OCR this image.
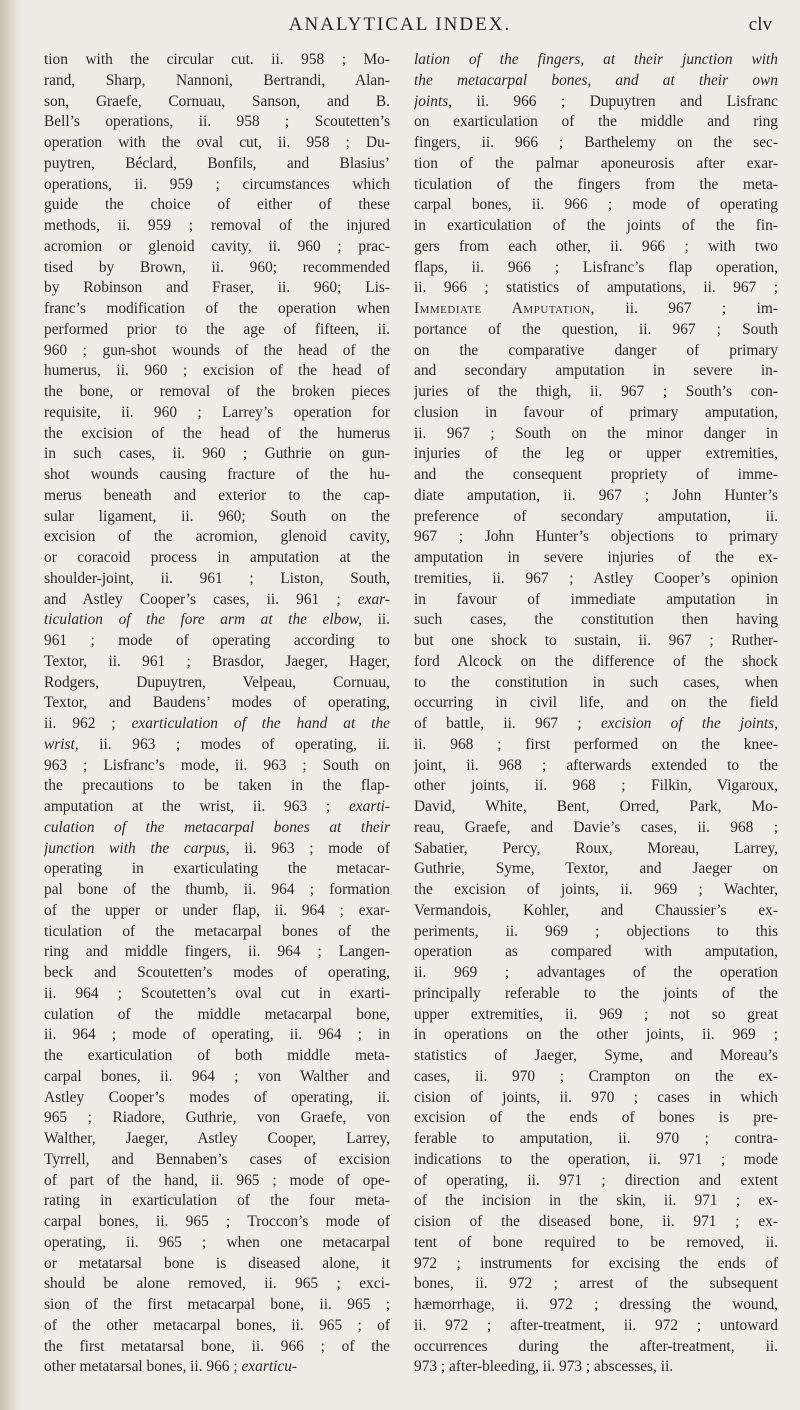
ANALYTICAL INDEX.	clv
tion with the circular cut. ii. 958 ; Mo-
rand, Sharp, Nannoni, Bertrandi, Alan-
son, Graefe, Cornuau, Sanson, and B.
Bell’s operations, ii. 958 ; Scoutetten’s
operation with the oval cut, ii. 958 ; Du-
puytren, Béclard, Bonfils, and Blasius’
operations, ii. 959 ; circumstances which
guide the choice of either of these
methods, ii. 959 ; removal of the injured
acromion or glenoid cavity, ii. 960 ; prac-
tised by Brown, ii. 960; recommended
by Robinson and Fraser, ii. 960; Lis-
franc’s modification of the operation when
performed prior to the age of fifteen, ii.
960 ; gun-shot wounds of the head of the
humerus, ii. 960 ; excision of the head of
the bone, or removal of the broken pieces
requisite, ii. 960 ; Larrey’s operation for
the excision of the head of the humerus
in such cases, ii. 960 ; Guthrie on gun-
shot wounds causing fracture of the hu-
merus beneath and exterior to the cap-
sular ligament, ii. 960; South on the
excision of the acromion, glenoid cavity,
or coracoid process in amputation at the
shoulder-joint, ii. 961 ; Liston, South,
and Astley Cooper’s cases, ii. 961 ; exar-
ticulation of the fore arm at the elbow, ii.
961 ; mode of operating according to
Textor, ii. 961 ; Brasdor, Jaeger, Hager,
Rodgers, Dupuytren, Velpeau, Cornuau,
Textor, and Baudens’ modes of operating,
ii. 962 ; exarticulation of the hand at the
wrist, ii. 963 ; modes of operating, ii.
963 ; Lisfranc’s mode, ii. 963 ; South on
the precautions to be taken in the flap-
amputation at the wrist, ii. 963 ; exarti-
culation of the metacarpal bones at their
junction with the carpus, ii. 963 ; mode of
operating in exarticulating the metacar-
pal bone of the thumb, ii. 964 ; formation
of the upper or under flap, ii. 964 ; exar-
ticulation of the metacarpal bones of the
ring and middle fingers, ii. 964 ; Langen-
beck and Scoutetten’s modes of operating,
ii. 964 ; Scoutetten’s oval cut in exarti-
culation of the middle metacarpal bone,
ii. 964 ; mode of operating, ii. 964 ; in
the exarticulation of both middle meta-
carpal bones, ii. 964 ; von Walther and
Astley Cooper’s modes of operating, ii.
965 ; Riadore, Guthrie, von Graefe, von
Walther, Jaeger, Astley Cooper, Larrey,
Tyrrell, and Bennaben’s cases of excision
of part of the hand, ii. 965 ; mode of ope-
rating in exarticulation of the four meta-
carpal bones, ii. 965 ; Troccon’s mode of
operating, ii. 965 ; when one metacarpal
or metatarsal bone is diseased alone, it
should be alone removed, ii. 965 ; exci-
sion of the first metacarpal bone, ii. 965 ;
of the other metacarpal bones, ii. 965 ; of
the first metatarsal bone, ii. 966 ; of the
other metatarsal bones, ii. 966 ; exarticu-
lation of the fingers, at their junction with
the metacarpal bones, and at their own
joints, ii. 966 ; Dupuytren and Lisfranc
on exarticulation of the middle and ring
fingers, ii. 966 ; Barthelemy on the sec-
tion of the palmar aponeurosis after exar-
ticulation of the fingers from the meta-
carpal bones, ii. 966 ; mode of operating
in exarticulation of the joints of the fin-
gers from each other, ii. 966 ; with two
flaps, ii. 966 ; Lisfranc’s flap operation,
ii. 966 ; statistics of amputations, ii. 967 ;
Immediate Amputation, ii. 967 ; im-
portance of the question, ii. 967 ; South
on the comparative danger of primary
and secondary amputation in severe in-
juries of the thigh, ii. 967 ; South’s con-
clusion in favour of primary amputation,
ii. 967 ; South on the minor danger in
injuries of the leg or upper extremities,
and the consequent propriety of imme-
diate amputation, ii. 967 ; John Hunter’s
preference of secondary amputation, ii.
967 ; John Hunter’s objections to primary
amputation in severe injuries of the ex-
tremities, ii. 967 ; Astley Cooper’s opinion
in favour of immediate amputation in
such cases, the constitution then having
but one shock to sustain, ii. 967 ; Ruther-
ford Alcock on the difference of the shock
to the constitution in such cases, when
occurring in civil life, and on the field
of battle, ii. 967 ; excision of the joints,
ii. 968 ; first performed on the knee-
joint, ii. 968 ; afterwards extended to the
other joints, ii. 968 ; Filkin, Vigaroux,
David, White, Bent, Orred, Park, Mo-
reau, Graefe, and Davie’s cases, ii. 968 ;
Sabatier, Percy, Roux, Moreau, Larrey,
Guthrie, Syme, Textor, and Jaeger on
the excision of joints, ii. 969 ; Wachter,
Vermandois, Kohler, and Chaussier’s ex-
periments, ii. 969 ; objections to this
operation as compared with amputation,
ii. 969 ; advantages of the operation
principally referable to the joints of the
upper extremities, ii. 969 ; not so great
in operations on the other joints, ii. 969 ;
statistics of Jaeger, Syme, and Moreau’s
cases, ii. 970 ; Crampton on the ex-
cision of joints, ii. 970 ; cases in which
excision of the ends of bones is pre-
ferable to amputation, ii. 970 ; contra-
indications to the operation, ii. 971 ; mode
of operating, ii. 971 ; direction and extent
of the incision in the skin, ii. 971 ; ex-
cision of the diseased bone, ii. 971 ; ex-
tent of bone required to be removed, ii.
972 ; instruments for excising the ends of
bones, ii. 972 ; arrest of the subsequent
hæmorrhage, ii. 972 ; dressing the wound,
ii. 972 ; after-treatment, ii. 972 ; untoward
occurrences during the after-treatment, ii.
973 ; after-bleeding, ii. 973 ; abscesses, ii.
